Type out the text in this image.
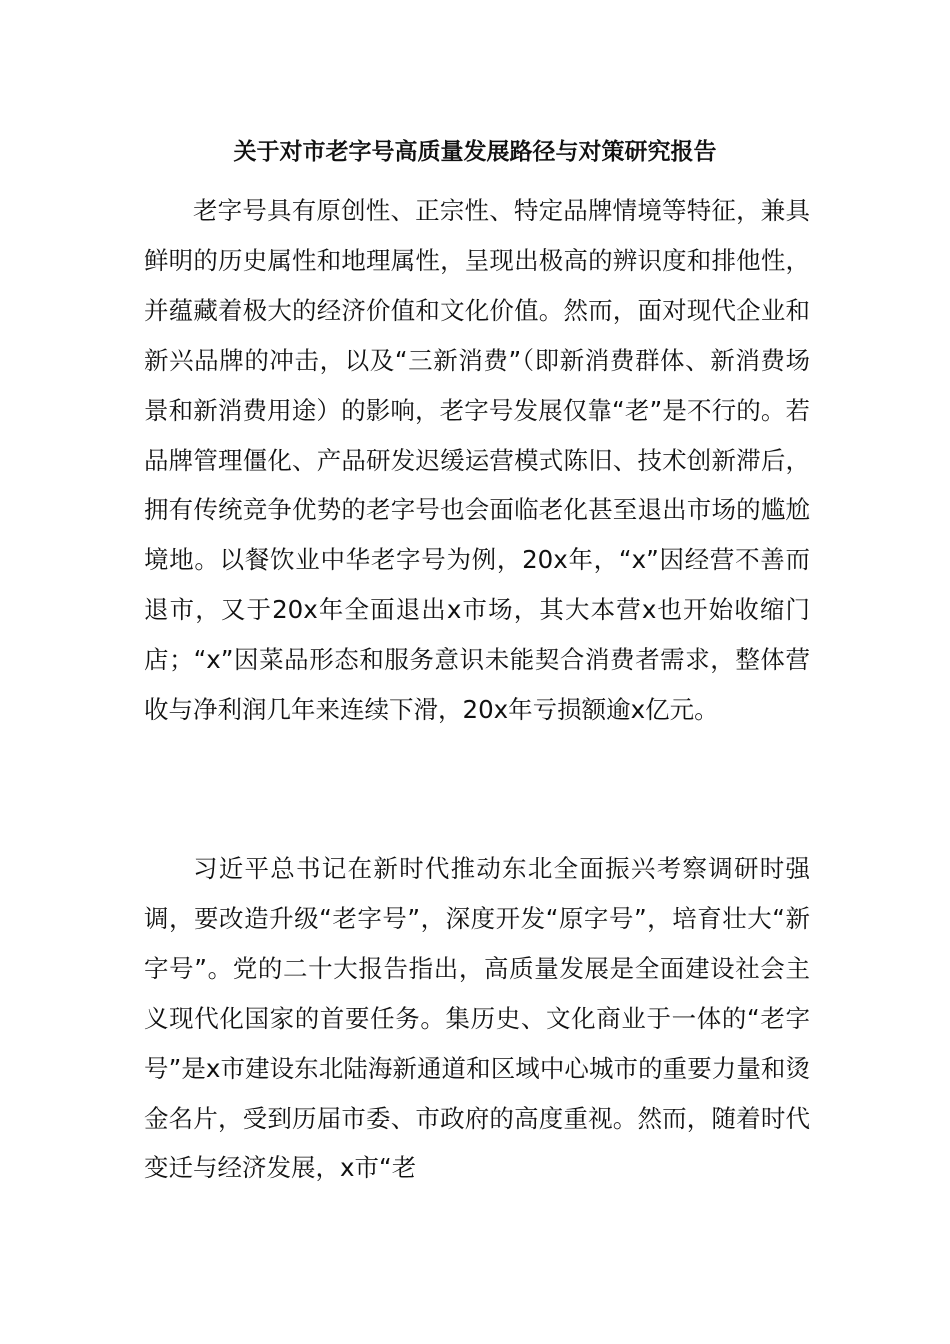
关于对市老字号高质量发展路径与对策研究报告

老字号具有原创性、正宗性、特定品牌情境等特征，兼具鲜明的历史属性和地理属性，呈现出极高的辨识度和排他性，并蕴藏着极大的经济价值和文化价值。然而，面对现代企业和新兴品牌的冲击，以及“三新消费”（即新消费群体、新消费场景和新消费用途）的影响，老字号发展仅靠“老”是不行的。若品牌管理僵化、产品研发迟缓运营模式陈旧、技术创新滞后，拥有传统竞争优势的老字号也会面临老化甚至退出市场的尴尬境地。以餐饮业中华老字号为例，20x年，“x”因经营不善而退市，又于20x年全面退出x市场，其大本营x也开始收缩门店；“x”因菜品形态和服务意识未能契合消费者需求，整体营收与净利润几年来连续下滑，20x年亏损额逾x亿元。

习近平总书记在新时代推动东北全面振兴考察调研时强调，要改造升级“老字号”，深度开发“原字号”，培育壮大“新字号”。党的二十大报告指出，高质量发展是全面建设社会主义现代化国家的首要任务。集历史、文化商业于一体的“老字号”是x市建设东北陆海新通道和区域中心城市的重要力量和烫金名片，受到历届市委、市政府的高度重视。然而，随着时代变迁与经济发展，x市“老
